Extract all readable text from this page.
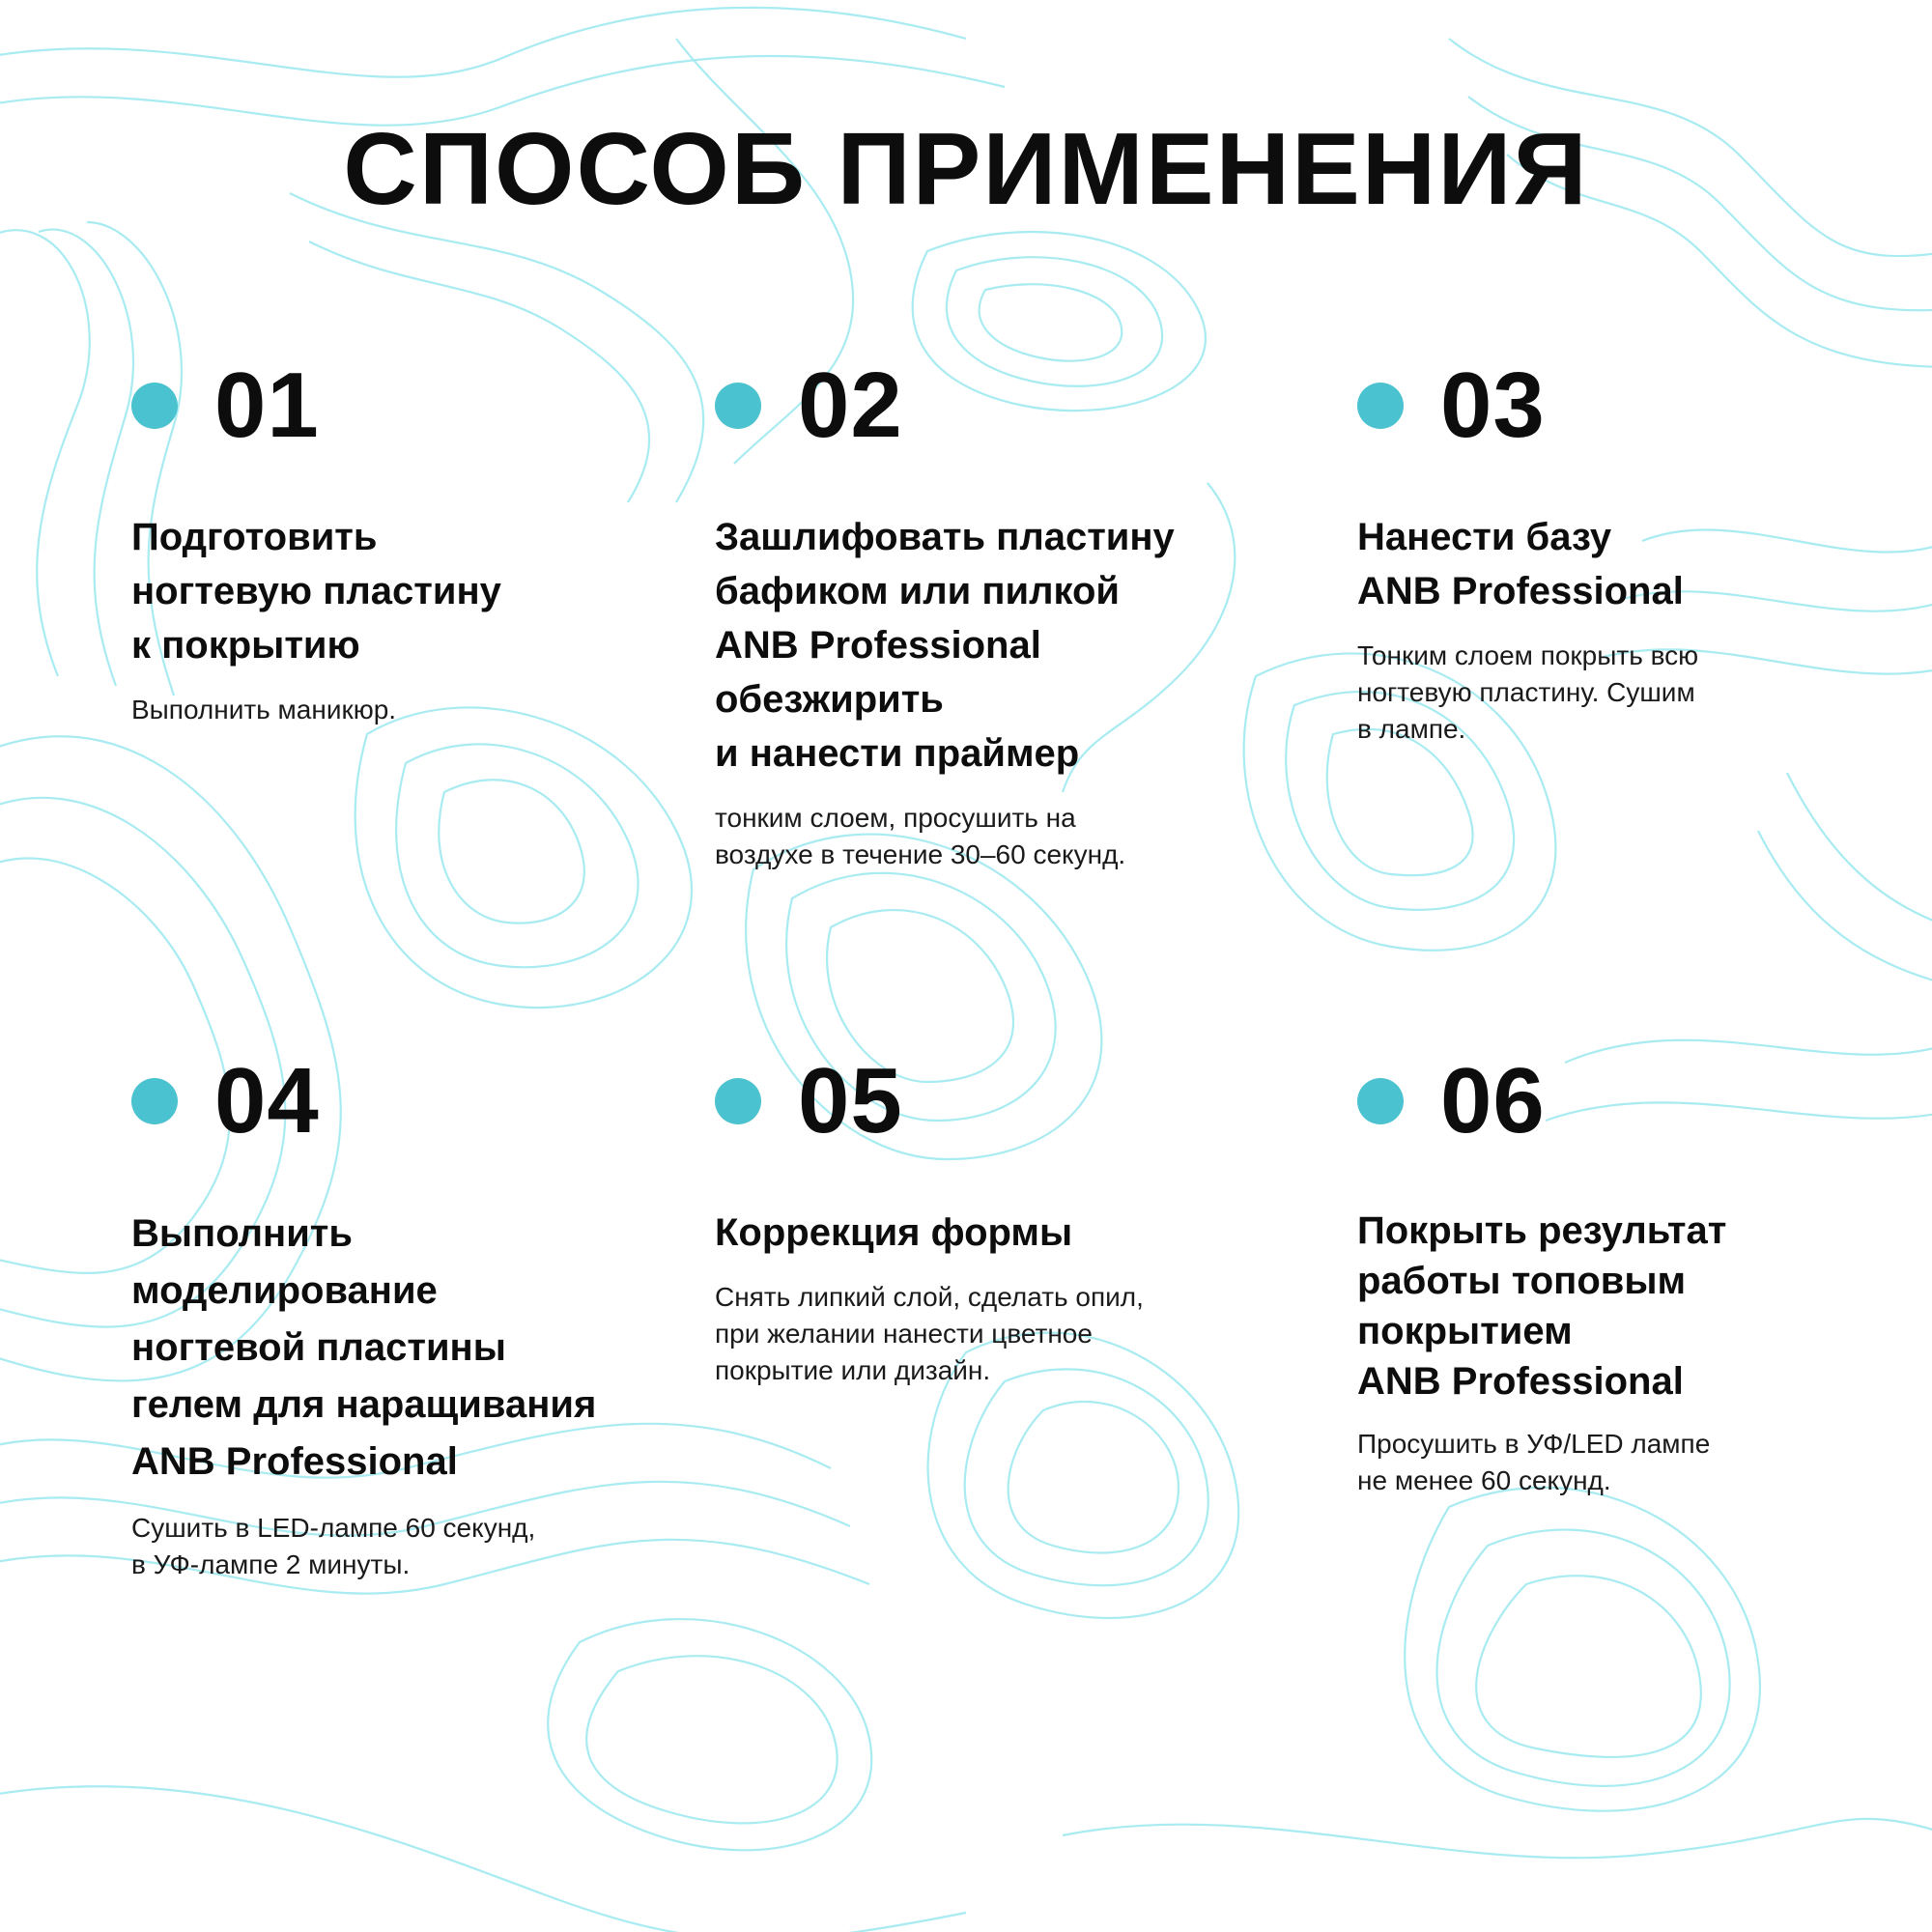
СПОСОБ ПРИМЕНЕНИЯ
01
Подготовить
ногтевую пластину
к покрытию
Выполнить маникюр.
02
Зашлифовать пластину
бафиком или пилкой
ANB Professional
обезжирить
и нанести праймер
тонким слоем, просушить на
воздухе в течение 30–60 секунд.
03
Нанести базу
ANB Professional
Тонким слоем покрыть всю
ногтевую пластину. Сушим
в лампе.
04
Выполнить
моделирование
ногтевой пластины
гелем для наращивания
ANB Professional
Сушить в LED-лампе 60 секунд,
в УФ-лампе 2 минуты.
05
Коррекция формы
Снять липкий слой, сделать опил,
при желании нанести цветное
покрытие или дизайн.
06
Покрыть результат
работы топовым
покрытием
ANB Professional
Просушить в УФ/LED лампе
не менее 60 секунд.
